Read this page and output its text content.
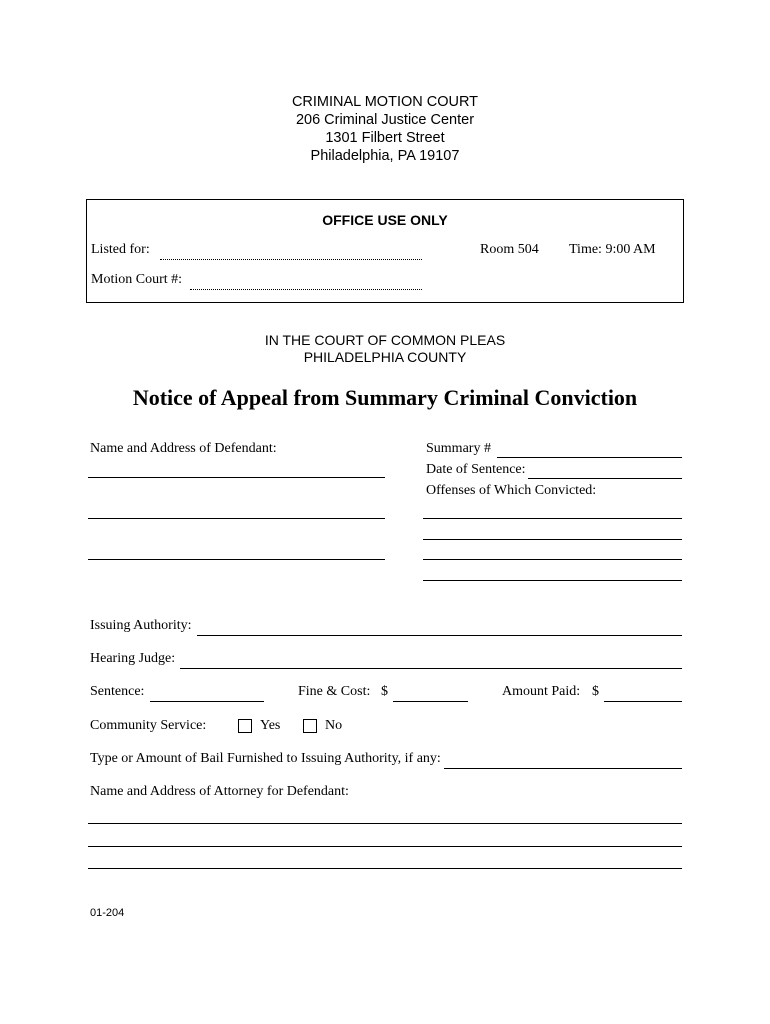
CRIMINAL MOTION COURT
206 Criminal Justice Center
1301 Filbert Street
Philadelphia, PA 19107
OFFICE USE ONLY
Listed for:	Room 504 Time: 9:00 AM
Motion Court #:
IN THE COURT OF COMMON PLEAS
PHILADELPHIA COUNTY
Notice of Appeal from Summary Criminal Conviction
Name and Address of Defendant:	Summary #
Date of Sentence:
Offenses of Which Convicted:
Issuing Authority:
Hearing Judge:
Sentence:	Fine & Cost: $	Amount Paid: $
Community Service:	Yes	No
Type or Amount of Bail Furnished to Issuing Authority, if any:
Name and Address of Attorney for Defendant:
01-204
